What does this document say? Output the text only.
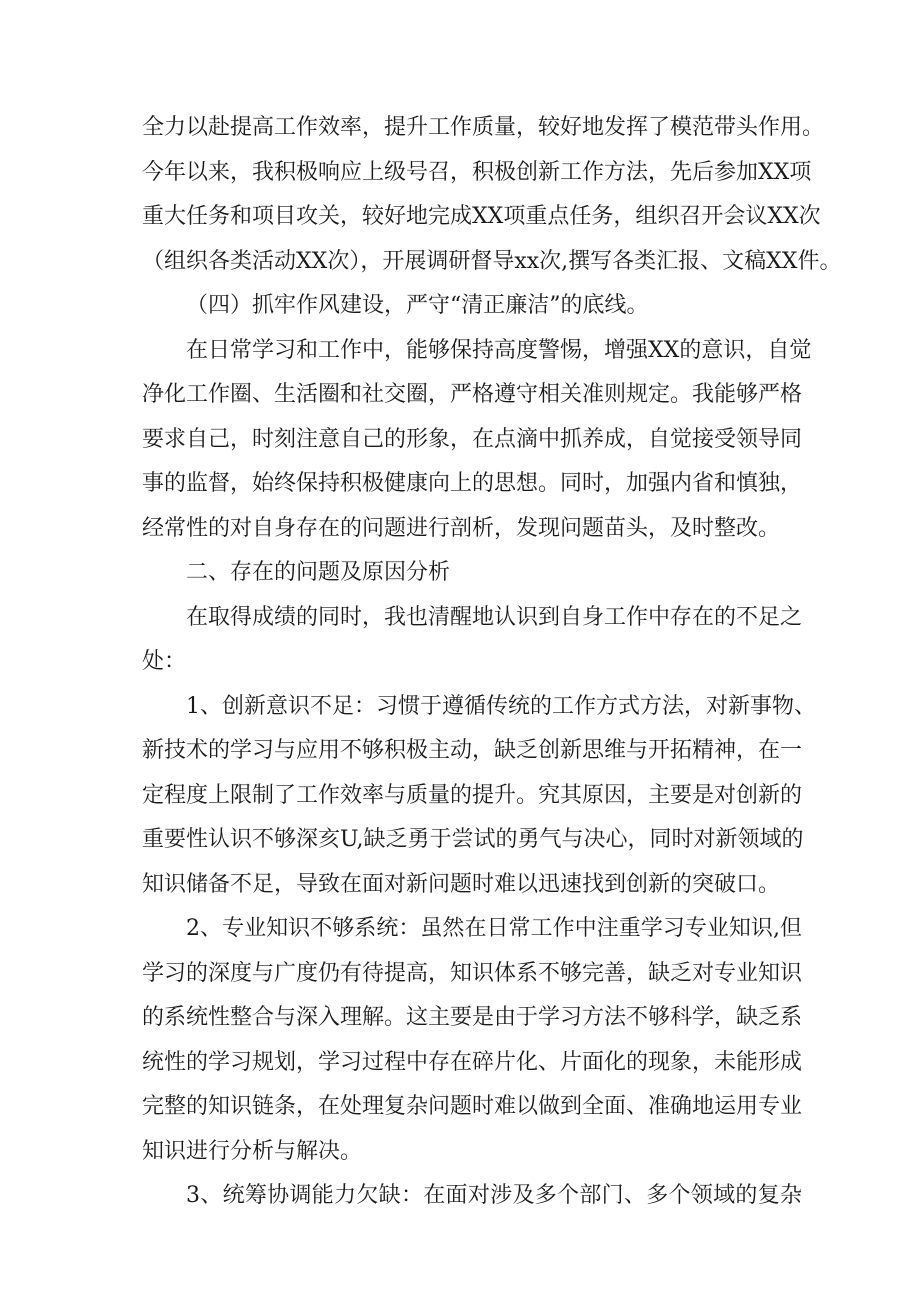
全力以赴提高工作效率，提升工作质量，较好地发挥了模范带头作用。
今年以来，我积极响应上级号召，积极创新工作方法，先后参加XX项
重大任务和项目攻关，较好地完成XX项重点任务，组织召开会议XX次
（组织各类活动XX次），开展调研督导xx次,撰写各类汇报、文稿XX件。
（四）抓牢作风建设，严守“清正廉洁”的底线。
在日常学习和工作中，能够保持高度警惕，增强XX的意识，自觉
净化工作圈、生活圈和社交圈，严格遵守相关准则规定。我能够严格
要求自己，时刻注意自己的形象，在点滴中抓养成，自觉接受领导同
事的监督，始终保持积极健康向上的思想。同时，加强内省和慎独，
经常性的对自身存在的问题进行剖析，发现问题苗头，及时整改。
二、存在的问题及原因分析
在取得成绩的同时，我也清醒地认识到自身工作中存在的不足之
处：
1、创新意识不足：习惯于遵循传统的工作方式方法，对新事物、
新技术的学习与应用不够积极主动，缺乏创新思维与开拓精神，在一
定程度上限制了工作效率与质量的提升。究其原因，主要是对创新的
重要性认识不够深亥U,缺乏勇于尝试的勇气与决心，同时对新领域的
知识储备不足，导致在面对新问题时难以迅速找到创新的突破口。
2、专业知识不够系统：虽然在日常工作中注重学习专业知识,但
学习的深度与广度仍有待提高，知识体系不够完善，缺乏对专业知识
的系统性整合与深入理解。这主要是由于学习方法不够科学，缺乏系
统性的学习规划，学习过程中存在碎片化、片面化的现象，未能形成
完整的知识链条，在处理复杂问题时难以做到全面、准确地运用专业
知识进行分析与解决。
3、统筹协调能力欠缺：在面对涉及多个部门、多个领域的复杂
